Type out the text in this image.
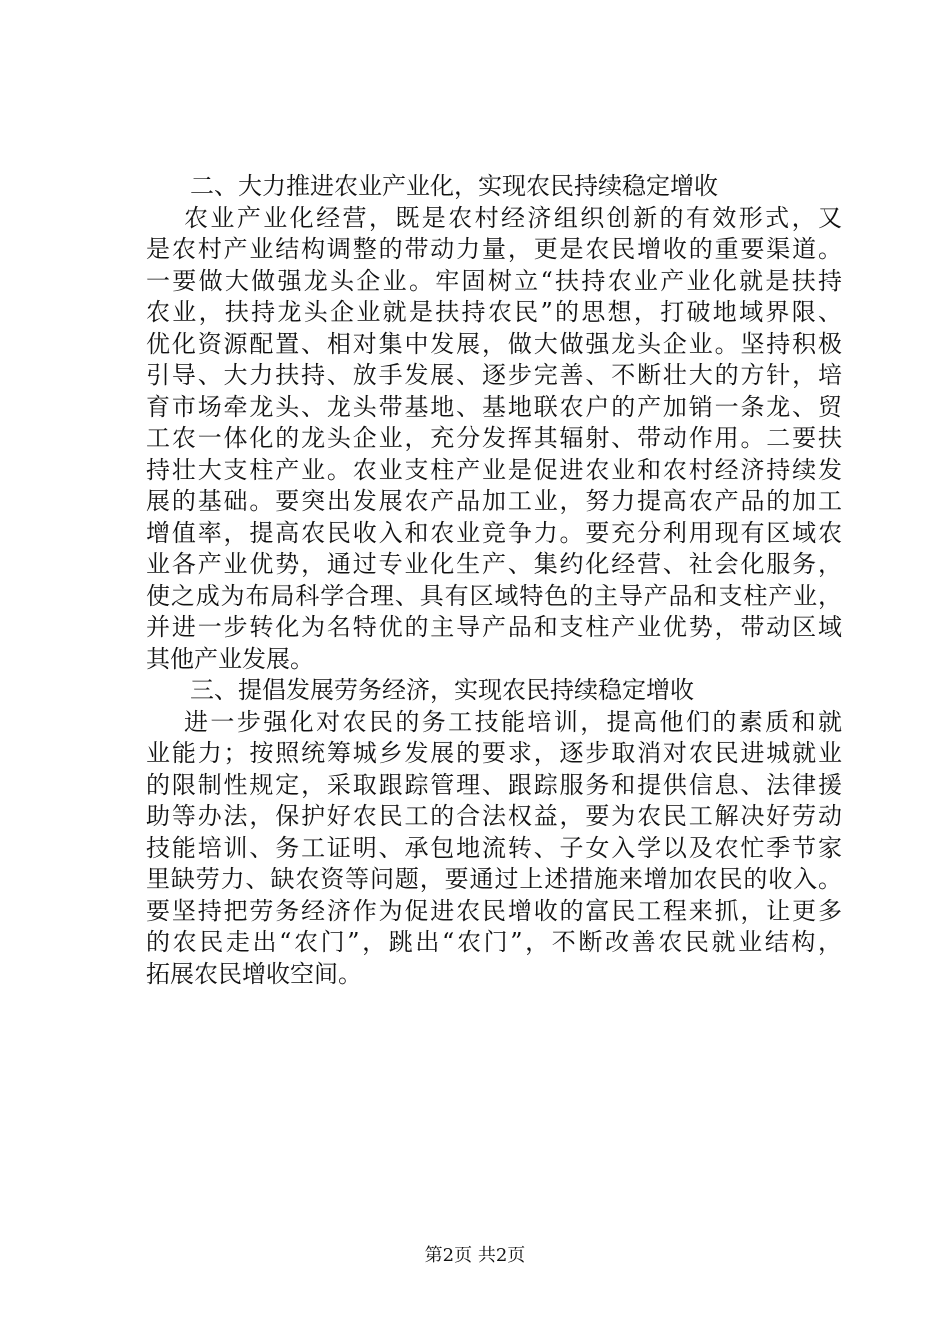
二、大力推进农业产业化，实现农民持续稳定增收
农业产业化经营，既是农村经济组织创新的有效形式，又
是农村产业结构调整的带动力量，更是农民增收的重要渠道。
一要做大做强龙头企业。牢固树立“扶持农业产业化就是扶持
农业，扶持龙头企业就是扶持农民”的思想，打破地域界限、
优化资源配置、相对集中发展，做大做强龙头企业。坚持积极
引导、大力扶持、放手发展、逐步完善、不断壮大的方针，培
育市场牵龙头、龙头带基地、基地联农户的产加销一条龙、贸
工农一体化的龙头企业，充分发挥其辐射、带动作用。二要扶
持壮大支柱产业。农业支柱产业是促进农业和农村经济持续发
展的基础。要突出发展农产品加工业，努力提高农产品的加工
增值率，提高农民收入和农业竞争力。要充分利用现有区域农
业各产业优势，通过专业化生产、集约化经营、社会化服务，
使之成为布局科学合理、具有区域特色的主导产品和支柱产业，
并进一步转化为名特优的主导产品和支柱产业优势，带动区域
其他产业发展。
三、提倡发展劳务经济，实现农民持续稳定增收
进一步强化对农民的务工技能培训，提高他们的素质和就
业能力；按照统筹城乡发展的要求，逐步取消对农民进城就业
的限制性规定，采取跟踪管理、跟踪服务和提供信息、法律援
助等办法，保护好农民工的合法权益，要为农民工解决好劳动
技能培训、务工证明、承包地流转、子女入学以及农忙季节家
里缺劳力、缺农资等问题，要通过上述措施来增加农民的收入。
要坚持把劳务经济作为促进农民增收的富民工程来抓，让更多
的农民走出“农门”，跳出“农门”，不断改善农民就业结构，
拓展农民增收空间。
第2页 共2页
